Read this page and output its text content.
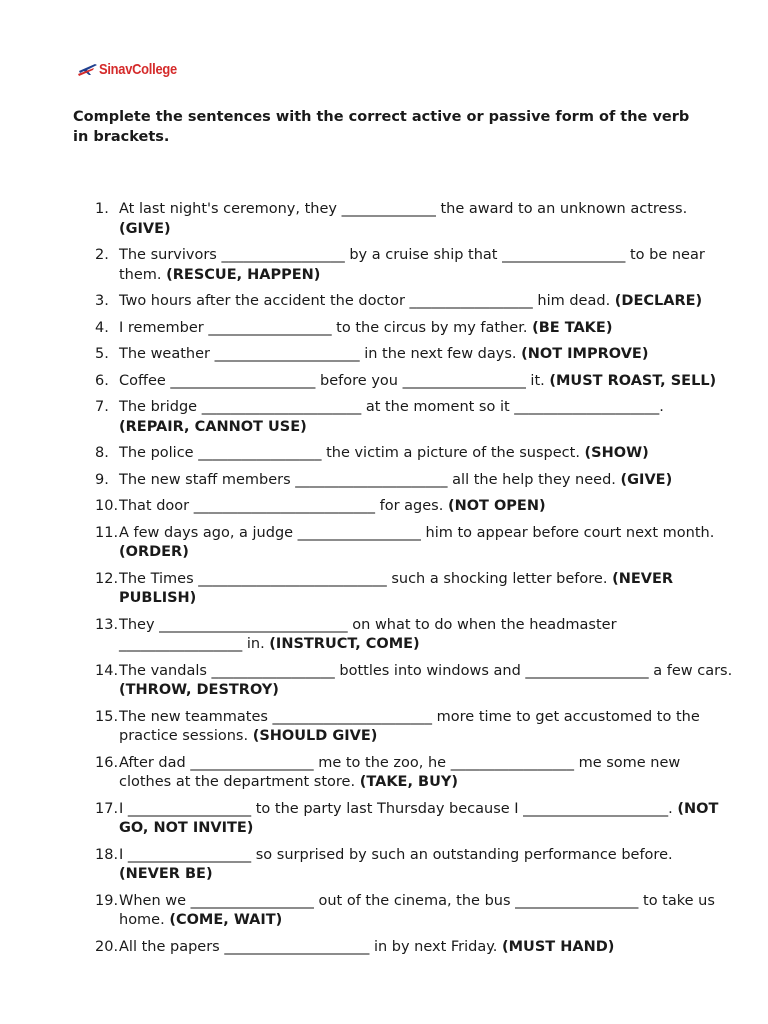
SinavCollege

Complete the sentences with the correct active or passive form of the verb in brackets.

1. At last night's ceremony, they _____________ the award to an unknown actress. (GIVE)
2. The survivors _________________ by a cruise ship that _________________ to be near them. (RESCUE, HAPPEN)
3. Two hours after the accident the doctor _________________ him dead. (DECLARE)
4. I remember _________________ to the circus by my father. (BE TAKE)
5. The weather ____________________ in the next few days. (NOT IMPROVE)
6. Coffee ____________________ before you _________________ it. (MUST ROAST, SELL)
7. The bridge ______________________ at the moment so it ____________________. (REPAIR, CANNOT USE)
8. The police _________________ the victim a picture of the suspect. (SHOW)
9. The new staff members _____________________ all the help they need. (GIVE)
10. That door _________________________ for ages. (NOT OPEN)
11. A few days ago, a judge _________________ him to appear before court next month. (ORDER)
12. The Times __________________________ such a shocking letter before. (NEVER PUBLISH)
13. They __________________________ on what to do when the headmaster _________________ in. (INSTRUCT, COME)
14. The vandals _________________ bottles into windows and _________________ a few cars. (THROW, DESTROY)
15. The new teammates ______________________ more time to get accustomed to the practice sessions. (SHOULD GIVE)
16. After dad _________________ me to the zoo, he _________________ me some new clothes at the department store. (TAKE, BUY)
17. I _________________ to the party last Thursday because I ____________________. (NOT GO, NOT INVITE)
18. I _________________ so surprised by such an outstanding performance before. (NEVER BE)
19. When we _________________ out of the cinema, the bus _________________ to take us home. (COME, WAIT)
20. All the papers ____________________ in by next Friday. (MUST HAND)
